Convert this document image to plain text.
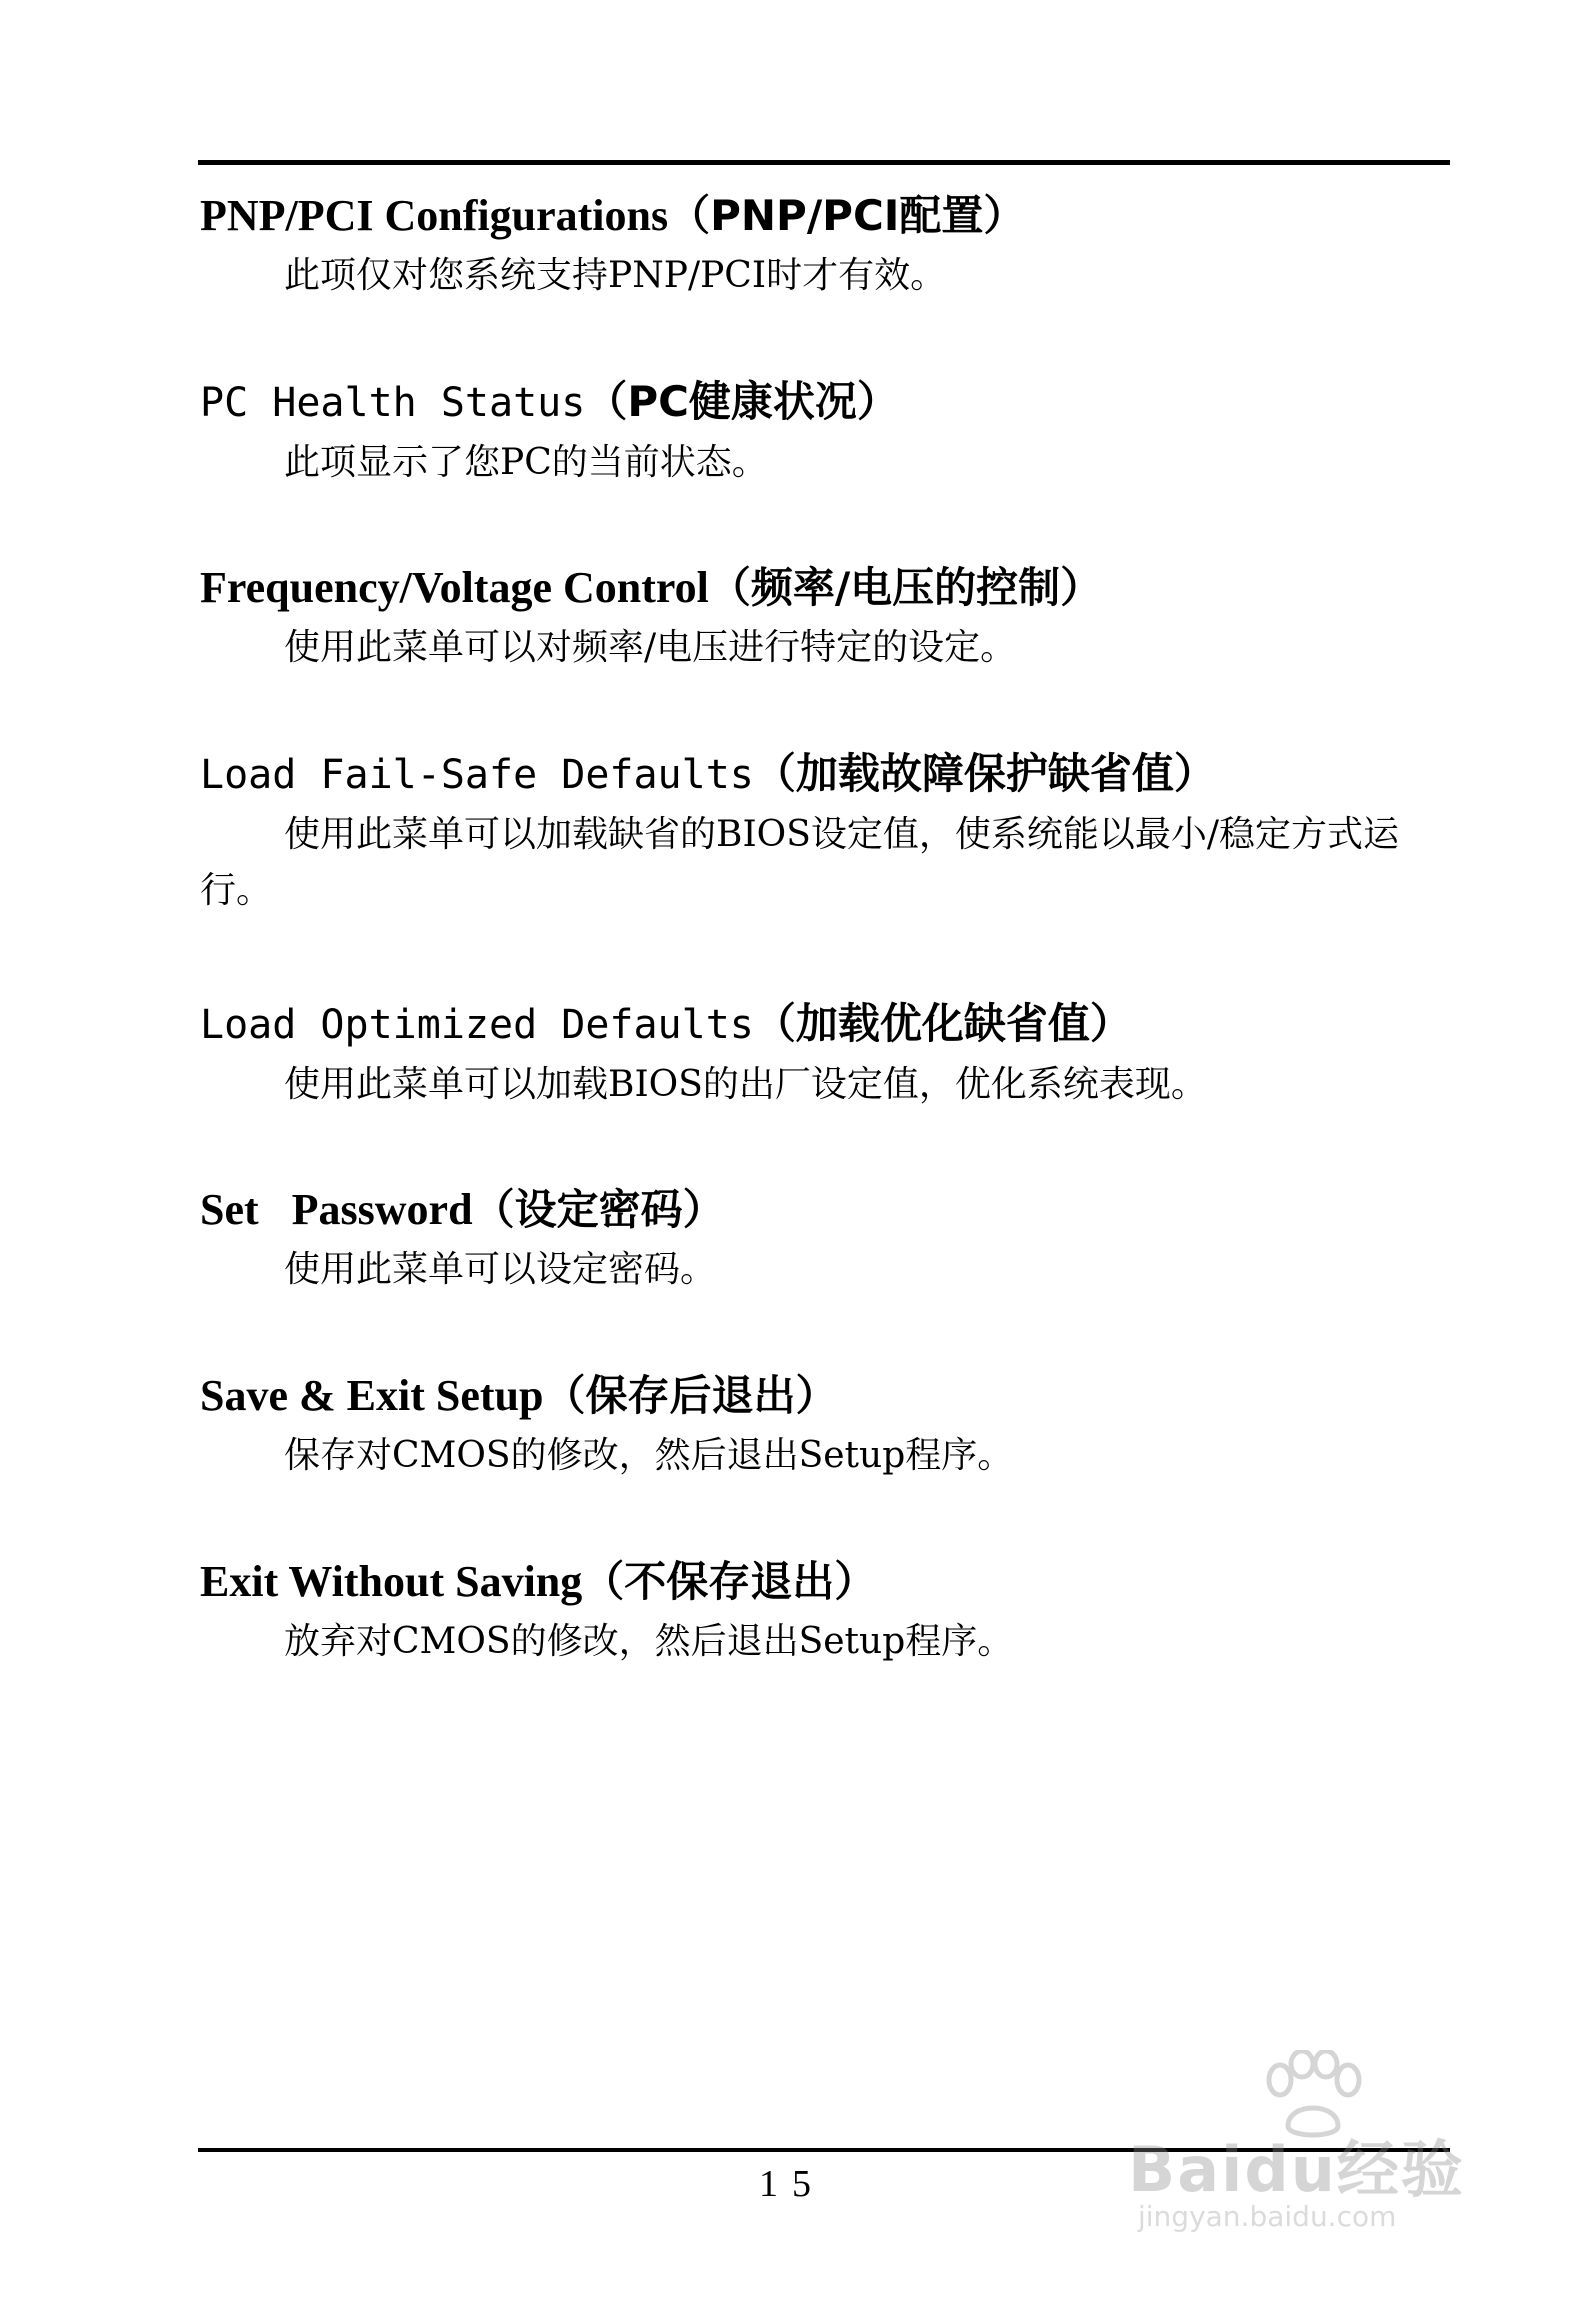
PNP/PCI Configurations（PNP/PCI配置）
此项仅对您系统支持PNP/PCI时才有效。
PC Health Status（PC健康状况）
此项显示了您PC的当前状态。
Frequency/Voltage Control（频率/电压的控制）
使用此菜单可以对频率/电压进行特定的设定。
Load Fail-Safe Defaults（加载故障保护缺省值）
使用此菜单可以加载缺省的BIOS设定值，使系统能以最小/稳定方式运行。
Load Optimized Defaults（加载优化缺省值）
使用此菜单可以加载BIOS的出厂设定值，优化系统表现。
Set   Password（设定密码）
使用此菜单可以设定密码。
Save & Exit Setup（保存后退出）
保存对CMOS的修改，然后退出Setup程序。
Exit Without Saving（不保存退出）
放弃对CMOS的修改，然后退出Setup程序。
15	Baidu经验
jingyan.baidu.com
